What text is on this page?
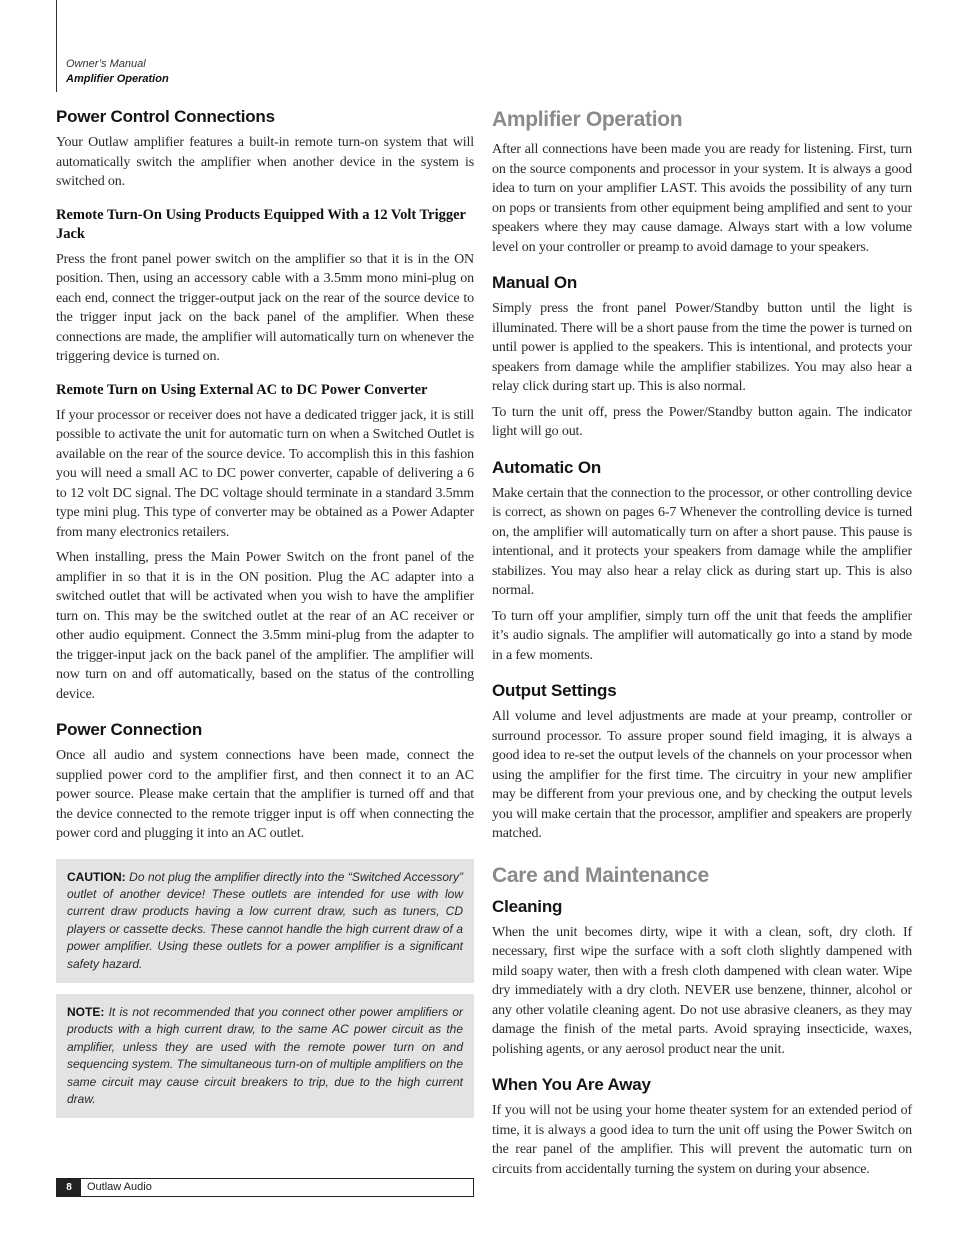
Owner’s Manual
Amplifier Operation
Power Control Connections

Your Outlaw amplifier features a built-in remote turn-on system that will automatically switch the amplifier when another device in the system is switched on.

Remote Turn-On Using Products Equipped With a 12 Volt Trigger Jack

Press the front panel power switch on the amplifier so that it is in the ON position. Then, using an accessory cable with a 3.5mm mono mini-plug on each end, connect the trigger-output jack on the rear of the source device to the trigger input jack on the back panel of the amplifier. When these connections are made, the amplifier will automatically turn on whenever the triggering device is turned on.

Remote Turn on Using External AC to DC Power Converter

If your processor or receiver does not have a dedicated trigger jack, it is still possible to activate the unit for automatic turn on when a Switched Outlet is available on the rear of the source device. To accomplish this in this fashion you will need a small AC to DC power converter, capable of delivering a 6 to 12 volt DC signal. The DC voltage should terminate in a standard 3.5mm type mini plug. This type of converter may be obtained as a Power Adapter from many electronics retailers.

When installing, press the Main Power Switch on the front panel of the amplifier in so that it is in the ON position. Plug the AC adapter into a switched outlet that will be activated when you wish to have the amplifier turn on. This may be the switched outlet at the rear of an AC receiver or other audio equipment. Connect the 3.5mm mini-plug from the adapter to the trigger-input jack on the back panel of the amplifier. The amplifier will now turn on and off automatically, based on the status of the controlling device.

Power Connection

Once all audio and system connections have been made, connect the supplied power cord to the amplifier first, and then connect it to an AC power source. Please make certain that the amplifier is turned off and that the device connected to the remote trigger input is off when connecting the power cord and plugging it into an AC outlet.

CAUTION: Do not plug the amplifier directly into the “Switched Accessory” outlet of another device! These outlets are intended for use with low current draw products having a low current draw, such as tuners, CD players or cassette decks. These cannot handle the high current draw of a power amplifier. Using these outlets for a power amplifier is a significant safety hazard.
NOTE: It is not recommended that you connect other power amplifiers or products with a high current draw, to the same AC power circuit as the amplifier, unless they are used with the remote power turn on and sequencing system. The simultaneous turn-on of multiple amplifiers on the same circuit may cause circuit breakers to trip, due to the high current draw.
Amplifier Operation

After all connections have been made you are ready for listening. First, turn on the source components and processor in your system. It is always a good idea to turn on your amplifier LAST. This avoids the possibility of any turn on pops or transients from other equipment being amplified and sent to your speakers where they may cause damage. Always start with a low volume level on your controller or preamp to avoid damage to your speakers.

Manual On

Simply press the front panel Power/Standby button until the light is illuminated. There will be a short pause from the time the power is turned on until power is applied to the speakers. This is intentional, and protects your speakers from damage while the amplifier stabilizes. You may also hear a relay click during start up. This is also normal.

To turn the unit off, press the Power/Standby button again. The indicator light will go out.

Automatic On

Make certain that the connection to the processor, or other controlling device is correct, as shown on pages 6-7 Whenever the controlling device is turned on, the amplifier will automatically turn on after a short pause. This pause is intentional, and it protects your speakers from damage while the amplifier stabilizes. You may also hear a relay click as during start up. This is also normal.

To turn off your amplifier, simply turn off the unit that feeds the amplifier it’s audio signals. The amplifier will automatically go into a stand by mode in a few moments.

Output Settings

All volume and level adjustments are made at your preamp, controller or surround processor. To assure proper sound field imaging, it is always a good idea to re-set the output levels of the channels on your processor when using the amplifier for the first time. The circuitry in your new amplifier may be different from your previous one, and by checking the output levels you will make certain that the processor, amplifier and speakers are properly matched.

Care and Maintenance
Cleaning

When the unit becomes dirty, wipe it with a clean, soft, dry cloth. If necessary, first wipe the surface with a soft cloth slightly dampened with mild soapy water, then with a fresh cloth dampened with clean water. Wipe dry immediately with a dry cloth. NEVER use benzene, thinner, alcohol or any other volatile cleaning agent. Do not use abrasive cleaners, as they may damage the finish of the metal parts. Avoid spraying insecticide, waxes, polishing agents, or any aerosol product near the unit.

When You Are Away

If you will not be using your home theater system for an extended period of time, it is always a good idea to turn the unit off using the Power Switch on the rear panel of the amplifier. This will prevent the automatic turn on circuits from accidentally turning the system on during your absence.

8	Outlaw Audio
